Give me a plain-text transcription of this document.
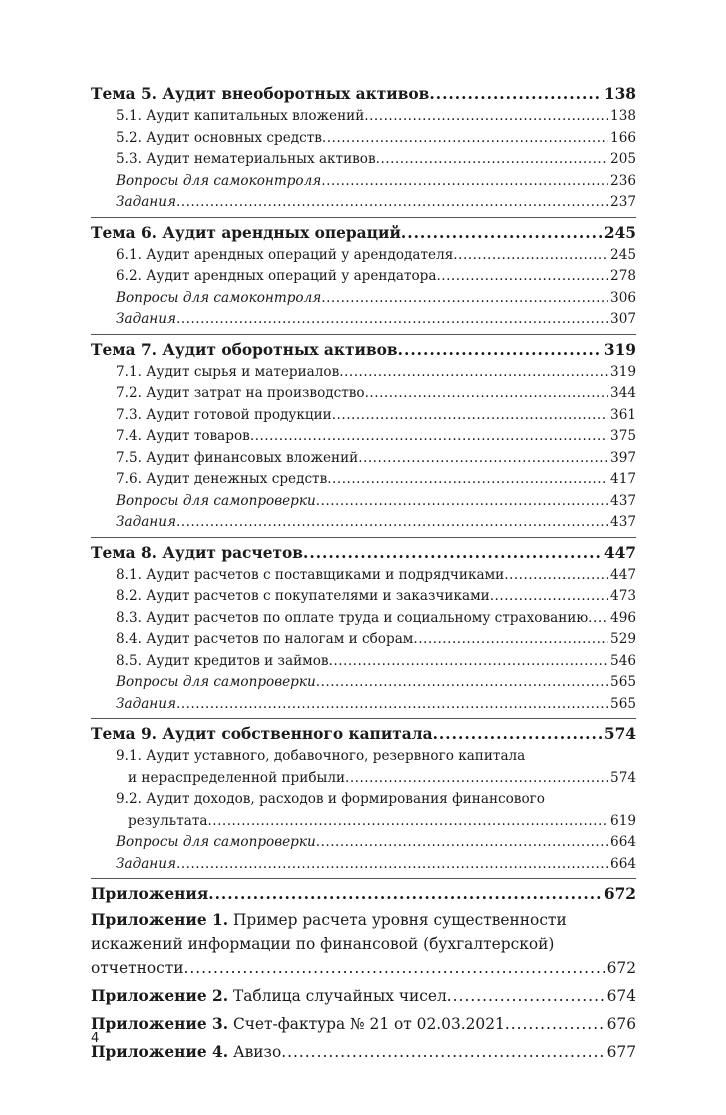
Тема 5. Аудит внеоборотных активов .....	138
5.1. Аудит капитальных вложений .....	138
5.2. Аудит основных средств .....	166
5.3. Аудит нематериальных активов .....	205
Вопросы для самоконтроля .....	236
Задания .....	237
Тема 6. Аудит арендных операций .....	245
6.1. Аудит арендных операций у арендодателя .....	245
6.2. Аудит арендных операций у арендатора .....	278
Вопросы для самоконтроля .....	306
Задания .....	307
Тема 7. Аудит оборотных активов .....	319
7.1. Аудит сырья и материалов .....	319
7.2. Аудит затрат на производство .....	344
7.3. Аудит готовой продукции .....	361
7.4. Аудит товаров .....	375
7.5. Аудит финансовых вложений .....	397
7.6. Аудит денежных средств .....	417
Вопросы для самопроверки .....	437
Задания .....	437
Тема 8. Аудит расчетов .....	447
8.1. Аудит расчетов с поставщиками и подрядчиками .....	447
8.2. Аудит расчетов с покупателями и заказчиками .....	473
8.3. Аудит расчетов по оплате труда и социальному страхованию ..... 496
8.4. Аудит расчетов по налогам и сборам .....	529
8.5. Аудит кредитов и займов .....	546
Вопросы для самопроверки .....	565
Задания .....	565
Тема 9. Аудит собственного капитала .....	574
9.1. Аудит уставного, добавочного, резервного капитала
и нераспределенной прибыли .....	574
9.2. Аудит доходов, расходов и формирования финансового
результата .....	619
Вопросы для самопроверки .....	664
Задания .....	664
Приложения .....	672
Приложение 1. Пример расчета уровня существенности
искажений информации по финансовой (бухгалтерской)
отчетности .....	672
Приложение 2. Таблица случайных чисел .....	674
Приложение 3. Счет-фактура № 21 от 02.03.2021 .....	676
Приложение 4. Авизо .....	677
4
